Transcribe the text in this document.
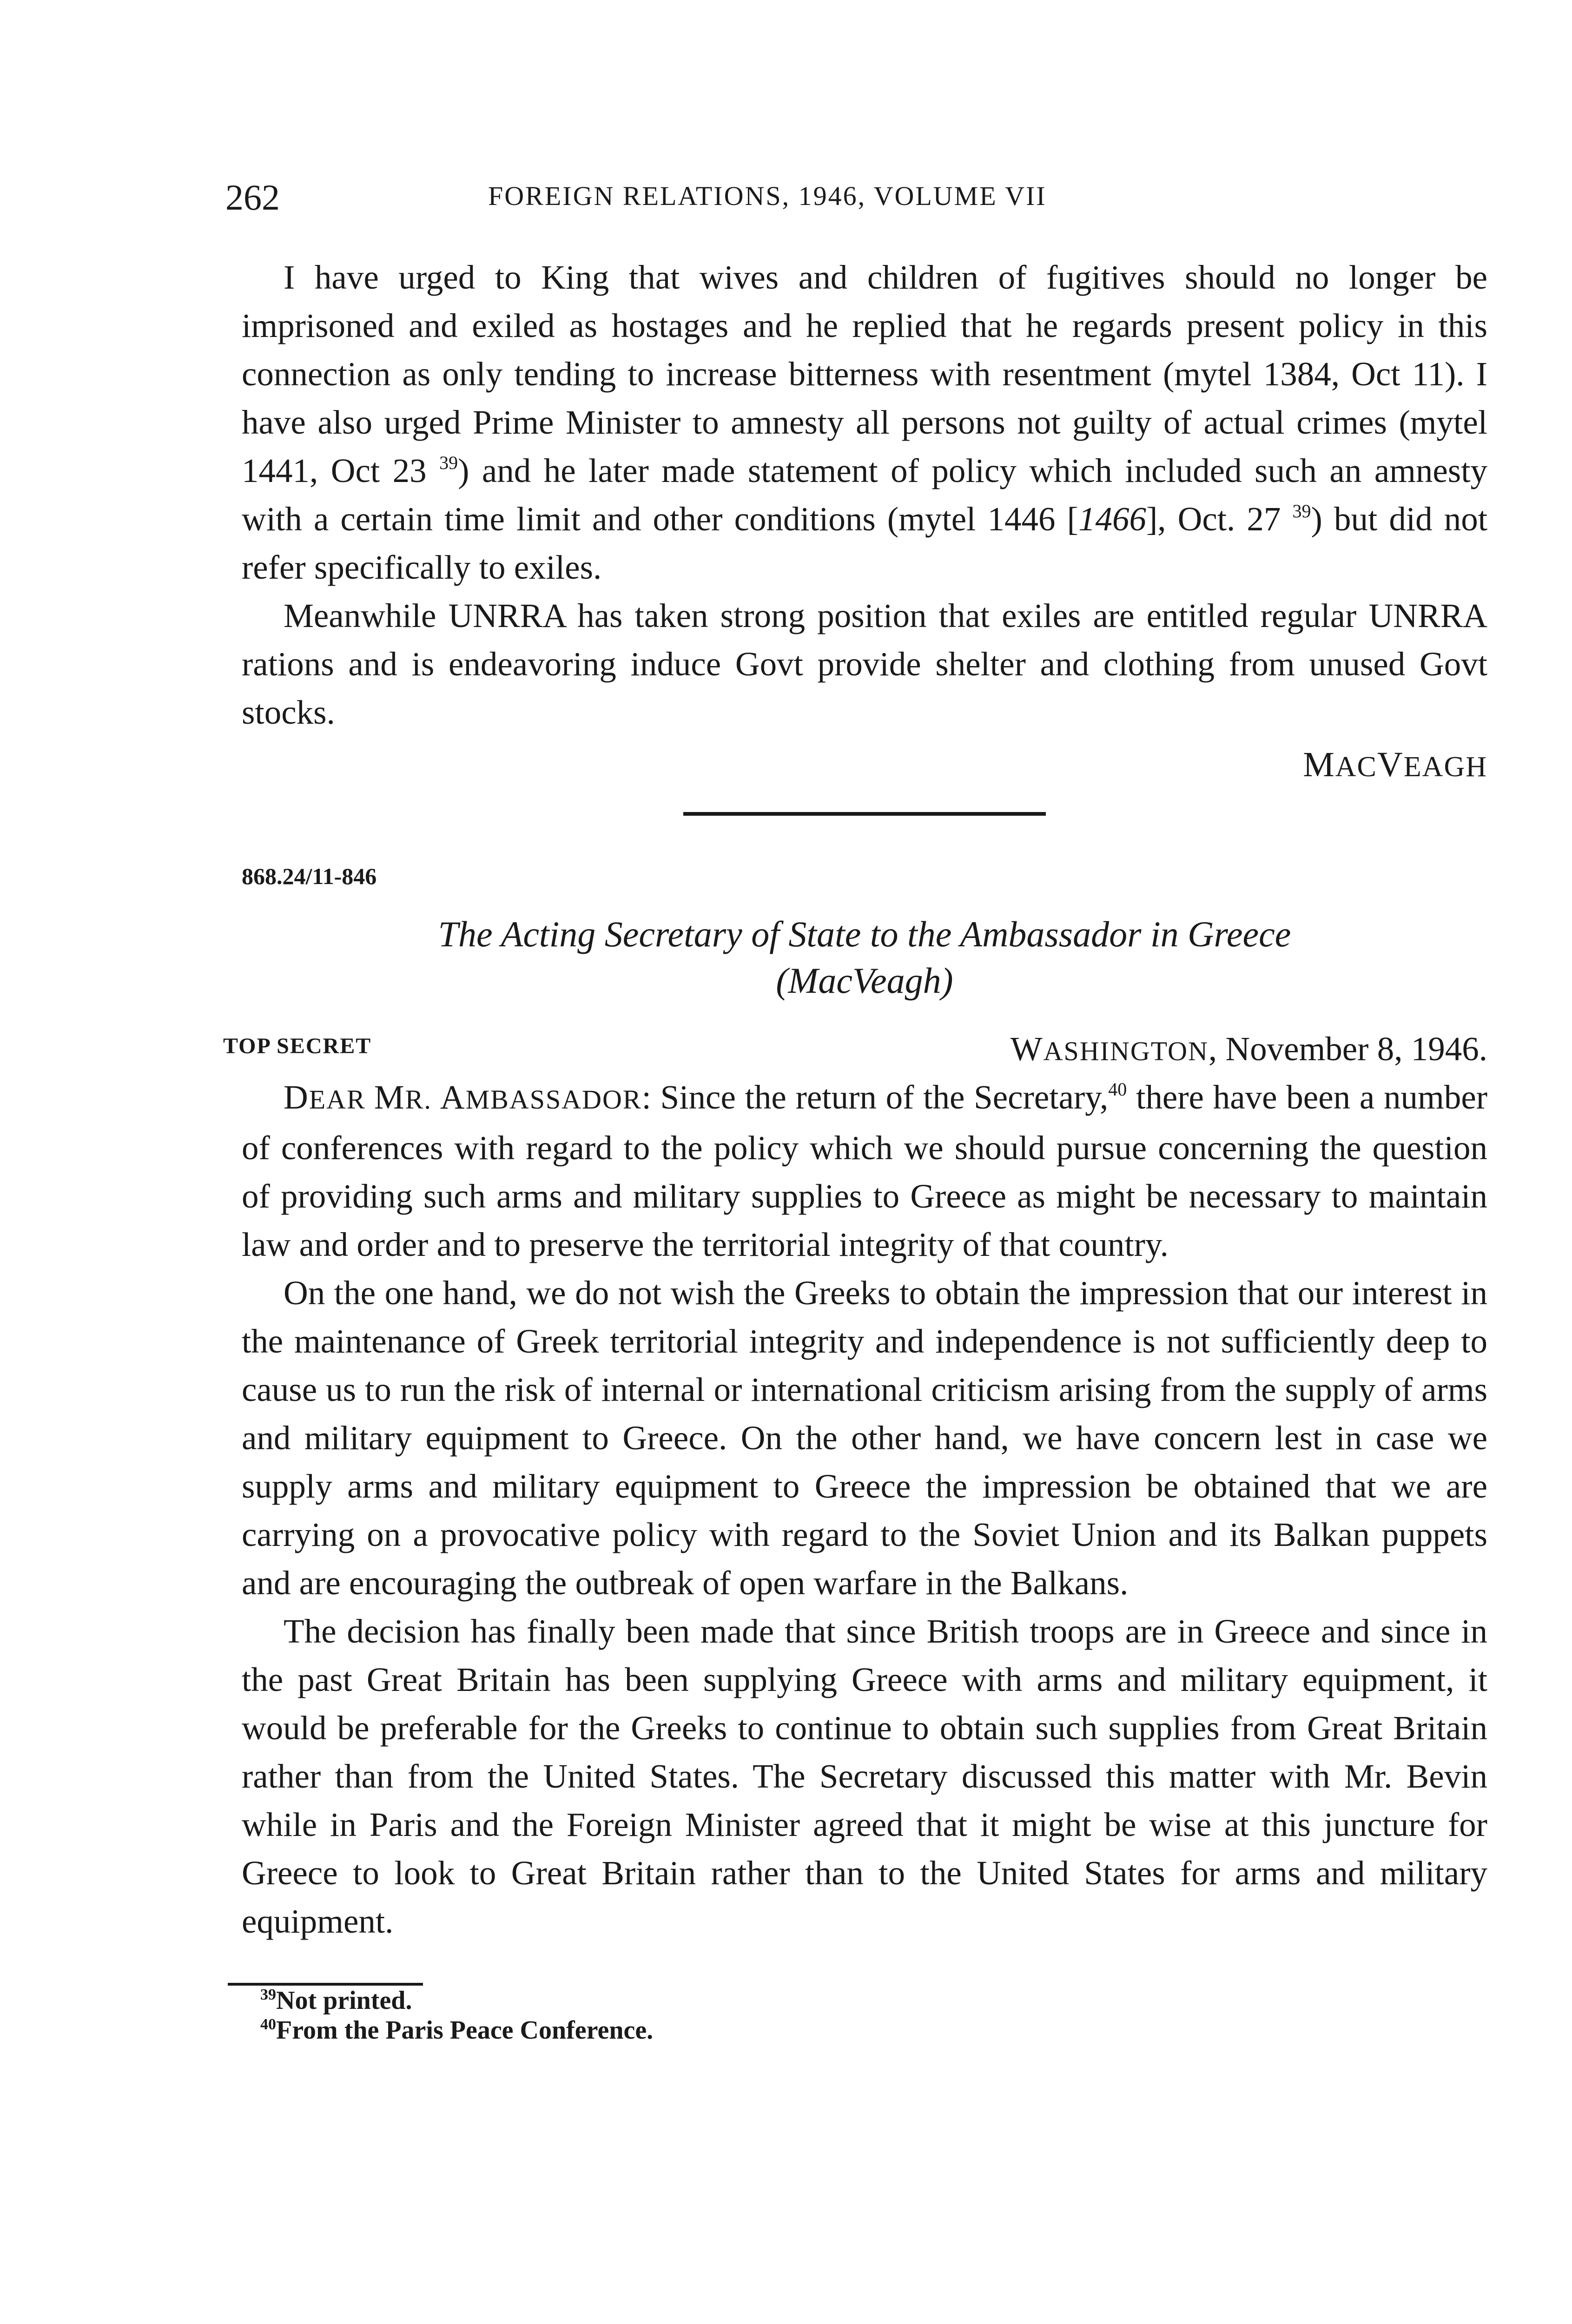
262	FOREIGN RELATIONS, 1946, VOLUME VII

I have urged to King that wives and children of fugitives should no longer be imprisoned and exiled as hostages and he replied that he regards present policy in this connection as only tending to increase bitterness with resentment (mytel 1384, Oct 11). I have also urged Prime Minister to amnesty all persons not guilty of actual crimes (mytel 1441, Oct 23 $^{39}$) and he later made statement of policy which included such an amnesty with a certain time limit and other conditions (mytel 1446 [1466], Oct. 27 $^{39}$) but did not refer specifically to exiles.

Meanwhile UNRRA has taken strong position that exiles are entitled regular UNRRA rations and is endeavoring induce Govt provide shelter and clothing from unused Govt stocks.

MACVEAGH
868.24/11-846
The Acting Secretary of State to the Ambassador in Greece
(MacVeagh)
TOP SECRET	WASHINGTON, November 8, 1946.

DEAR MR. AMBASSADOR: Since the return of the Secretary,$^{40}$ there have been a number of conferences with regard to the policy which we should pursue concerning the question of providing such arms and military supplies to Greece as might be necessary to maintain law and order and to preserve the territorial integrity of that country.

On the one hand, we do not wish the Greeks to obtain the impression that our interest in the maintenance of Greek territorial integrity and independence is not sufficiently deep to cause us to run the risk of internal or international criticism arising from the supply of arms and military equipment to Greece. On the other hand, we have concern lest in case we supply arms and military equipment to Greece the impression be obtained that we are carrying on a provocative policy with regard to the Soviet Union and its Balkan puppets and are encouraging the outbreak of open warfare in the Balkans.

The decision has finally been made that since British troops are in Greece and since in the past Great Britain has been supplying Greece with arms and military equipment, it would be preferable for the Greeks to continue to obtain such supplies from Great Britain rather than from the United States. The Secretary discussed this matter with Mr. Bevin while in Paris and the Foreign Minister agreed that it might be wise at this juncture for Greece to look to Great Britain rather than to the United States for arms and military equipment.

$^{39}$Not printed.
$^{40}$From the Paris Peace Conference.
